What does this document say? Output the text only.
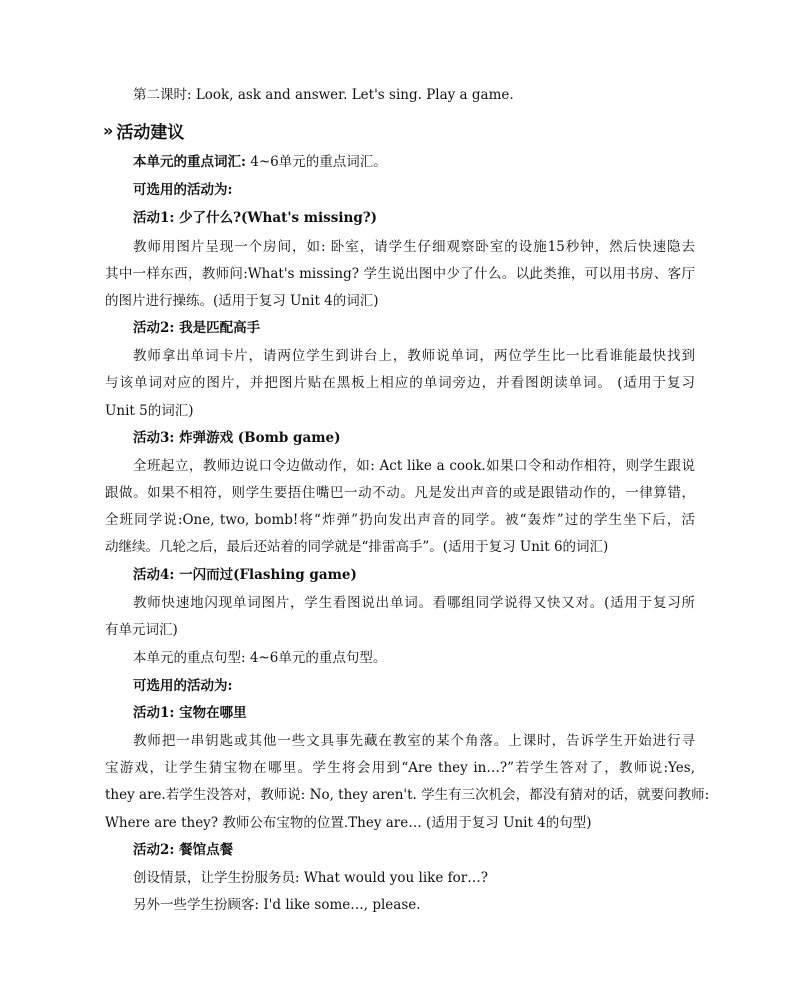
第二课时: Look, ask and answer. Let's sing. Play a game.
» 活动建议
本单元的重点词汇: 4~6单元的重点词汇。
可选用的活动为:
活动1: 少了什么?(What's missing?)
教师用图片呈现一个房间，如: 卧室，请学生仔细观察卧室的设施15秒钟，然后快速隐去
其中一样东西，教师问:What's missing? 学生说出图中少了什么。以此类推，可以用书房、客厅
的图片进行操练。(适用于复习 Unit 4的词汇)
活动2: 我是匹配高手
教师拿出单词卡片，请两位学生到讲台上，教师说单词，两位学生比一比看谁能最快找到
与该单词对应的图片，并把图片贴在黑板上相应的单词旁边，并看图朗读单词。 (适用于复习
Unit 5的词汇)
活动3: 炸弹游戏 (Bomb game)
全班起立，教师边说口令边做动作，如: Act like a cook.如果口令和动作相符，则学生跟说
跟做。如果不相符，则学生要捂住嘴巴一动不动。凡是发出声音的或是跟错动作的，一律算错，
全班同学说:One, two, bomb!将“炸弹”扔向发出声音的同学。被“轰炸”过的学生坐下后，活
动继续。几轮之后，最后还站着的同学就是“排雷高手”。(适用于复习 Unit 6的词汇)
活动4: 一闪而过(Flashing game)
教师快速地闪现单词图片，学生看图说出单词。看哪组同学说得又快又对。(适用于复习所
有单元词汇)
本单元的重点句型: 4~6单元的重点句型。
可选用的活动为:
活动1: 宝物在哪里
教师把一串钥匙或其他一些文具事先藏在教室的某个角落。上课时，告诉学生开始进行寻
宝游戏，让学生猜宝物在哪里。学生将会用到“Are they in…?”若学生答对了，教师说:Yes,
they are.若学生没答对，教师说: No, they aren't. 学生有三次机会，都没有猜对的话，就要问教师:
Where are they? 教师公布宝物的位置.They are… (适用于复习 Unit 4的句型)
活动2: 餐馆点餐
创设情景，让学生扮服务员: What would you like for…?
另外一些学生扮顾客: I'd like some…, please.
